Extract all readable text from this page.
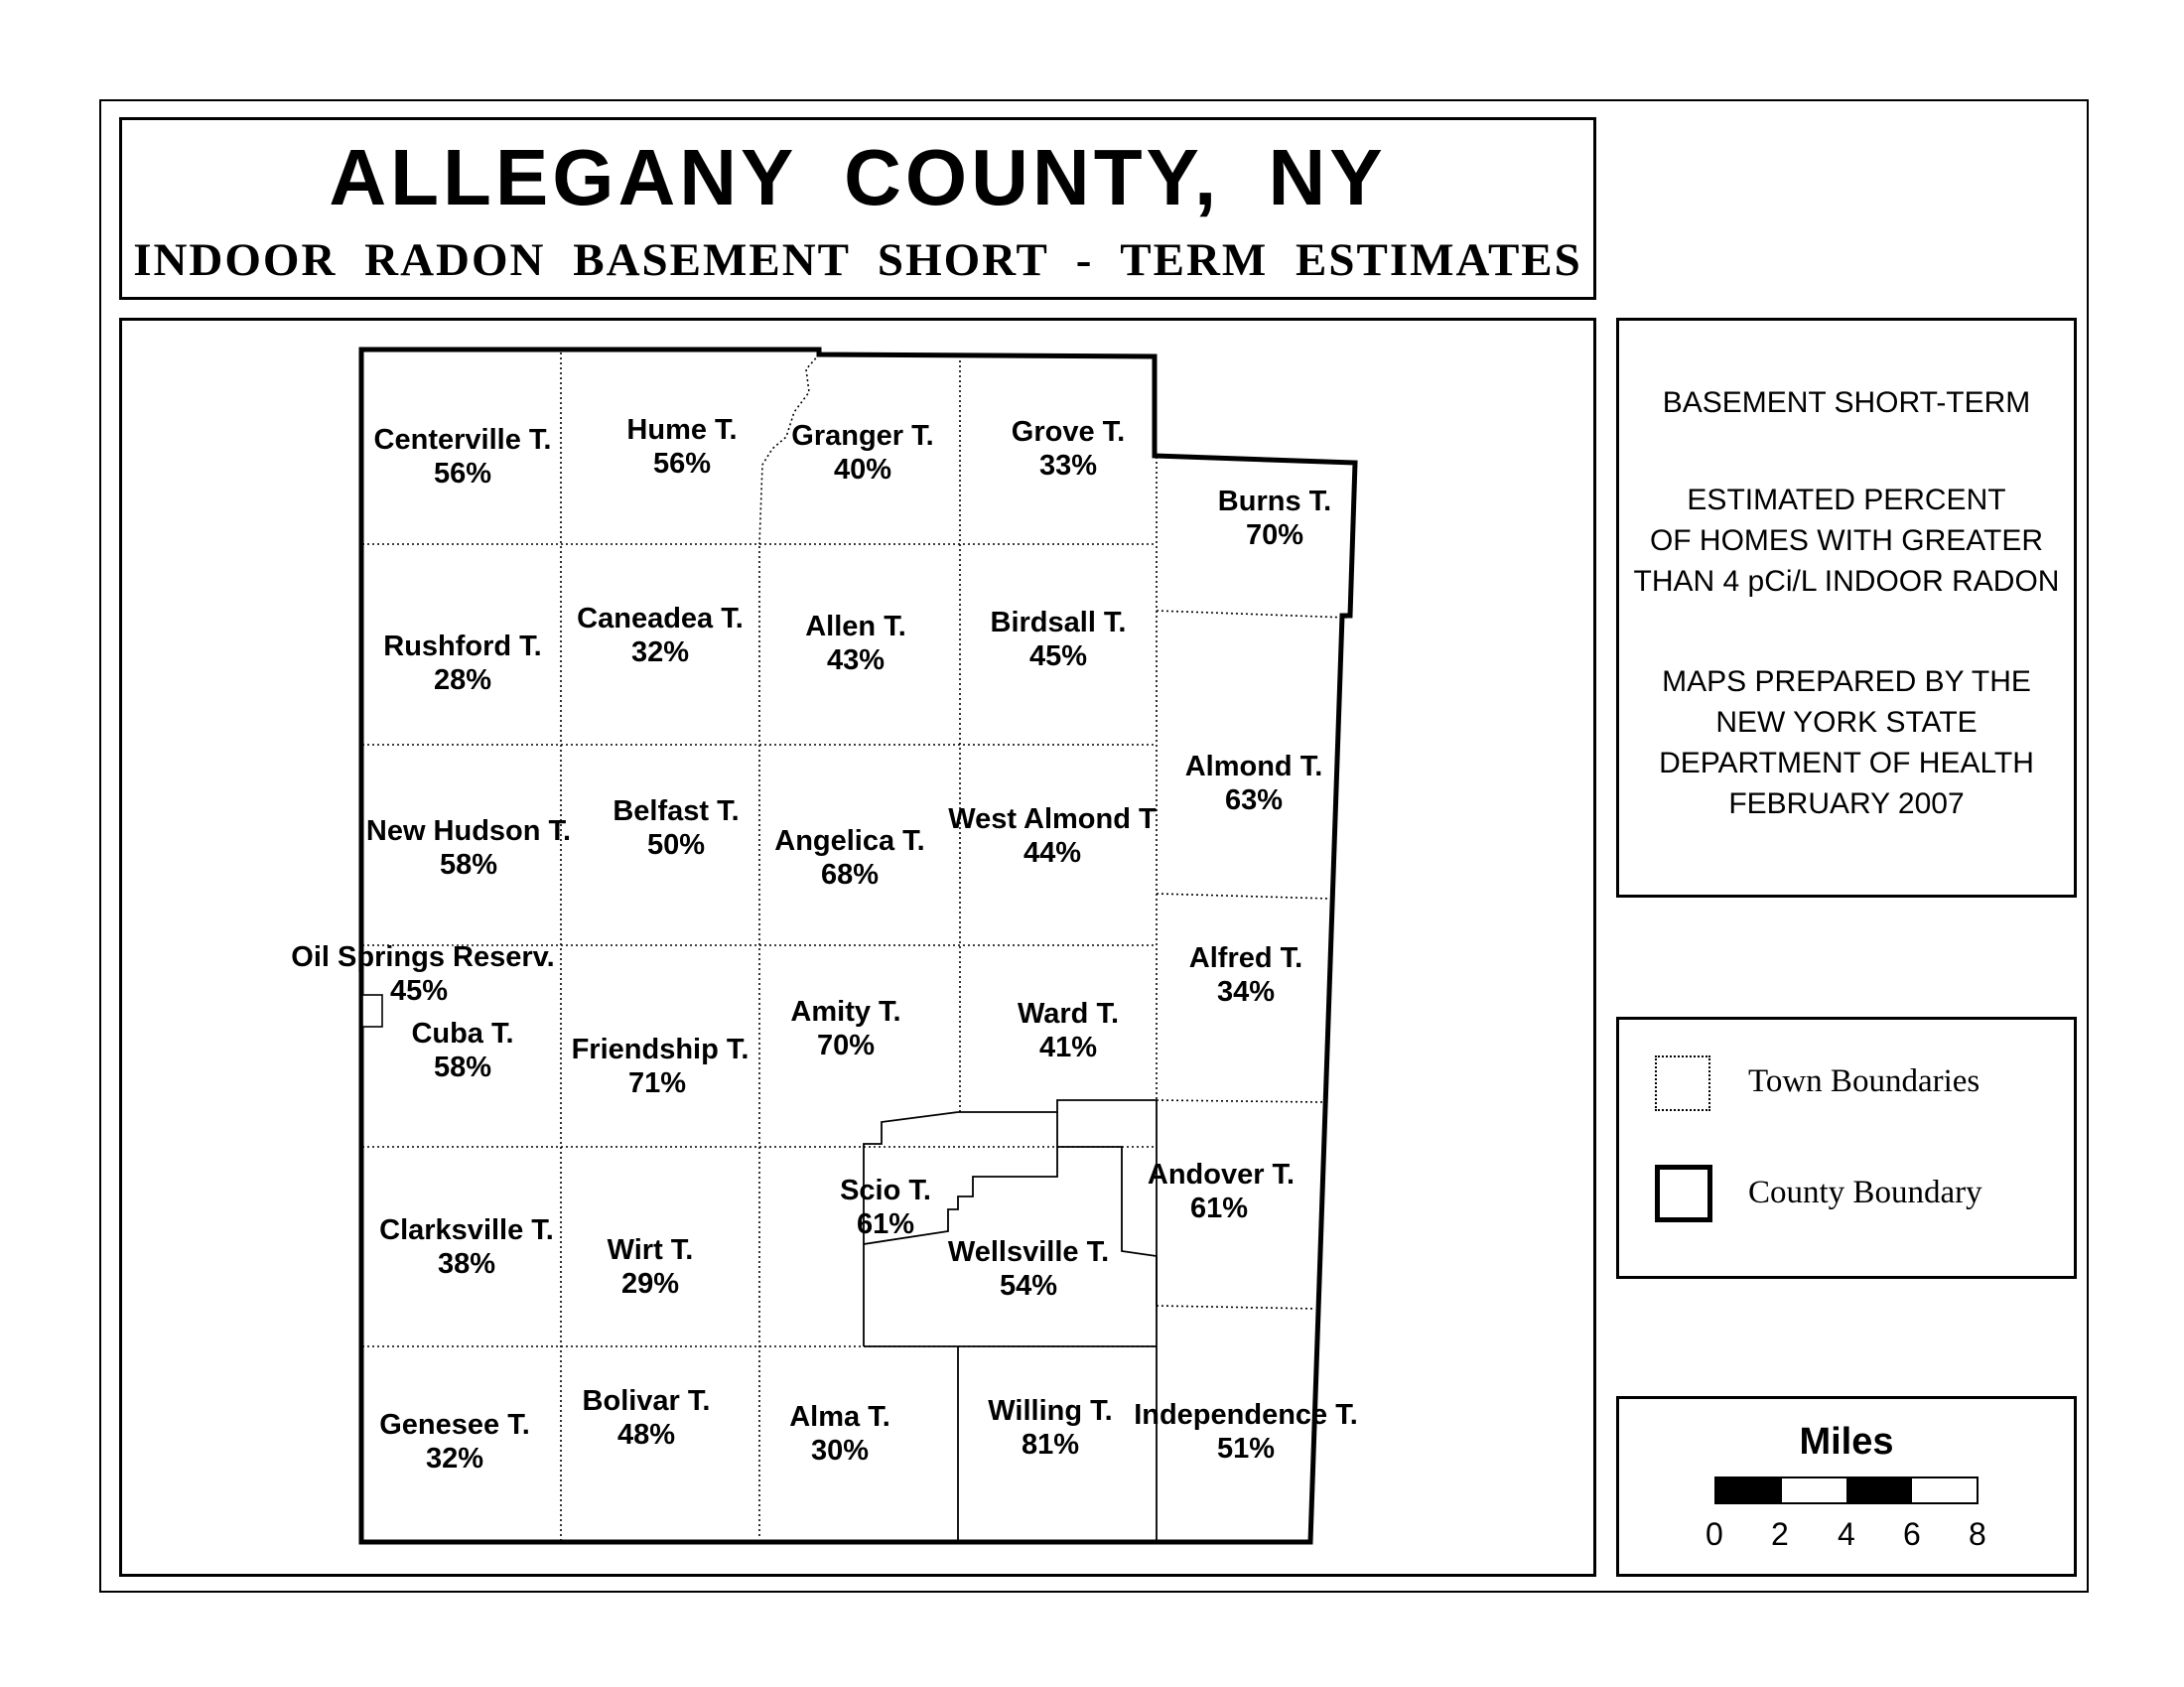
ALLEGANY COUNTY, NY
INDOOR RADON BASEMENT SHORT - TERM ESTIMATES
Centerville T.
56%
Hume T.
56%
Granger T.
40%
Grove T.
33%
Burns T.
70%
Rushford T.
28%
Caneadea T.
32%
Allen T.
43%
Birdsall T.
45%
Almond T.
63%
New Hudson T.
58%
Belfast T.
50% Angelica T.
68%
West Almond T
44%
Alfred T.
34%
Oil Springs Reserv.
45%
Cuba T.
58%
Friendship T.
71%
Amity T.
70%
Ward T.
41%
Andover T.
61%
Scio T.
61%
Wellsville T.
54%
Clarksville T.
38%	Wirt T.
29%
Genesee T.
32%
Bolivar T.
48%
Alma T.
30%
Willing T.
81%
Independence T.
51%

BASEMENT SHORT-TERM

ESTIMATED PERCENT

OF HOMES WITH GREATER

THAN 4 pCi/L INDOOR RADON

MAPS PREPARED BY THE

NEW YORK STATE

DEPARTMENT OF HEALTH

FEBRUARY 2007

Town Boundaries
County Boundary
Miles
0 2 4 6 8
